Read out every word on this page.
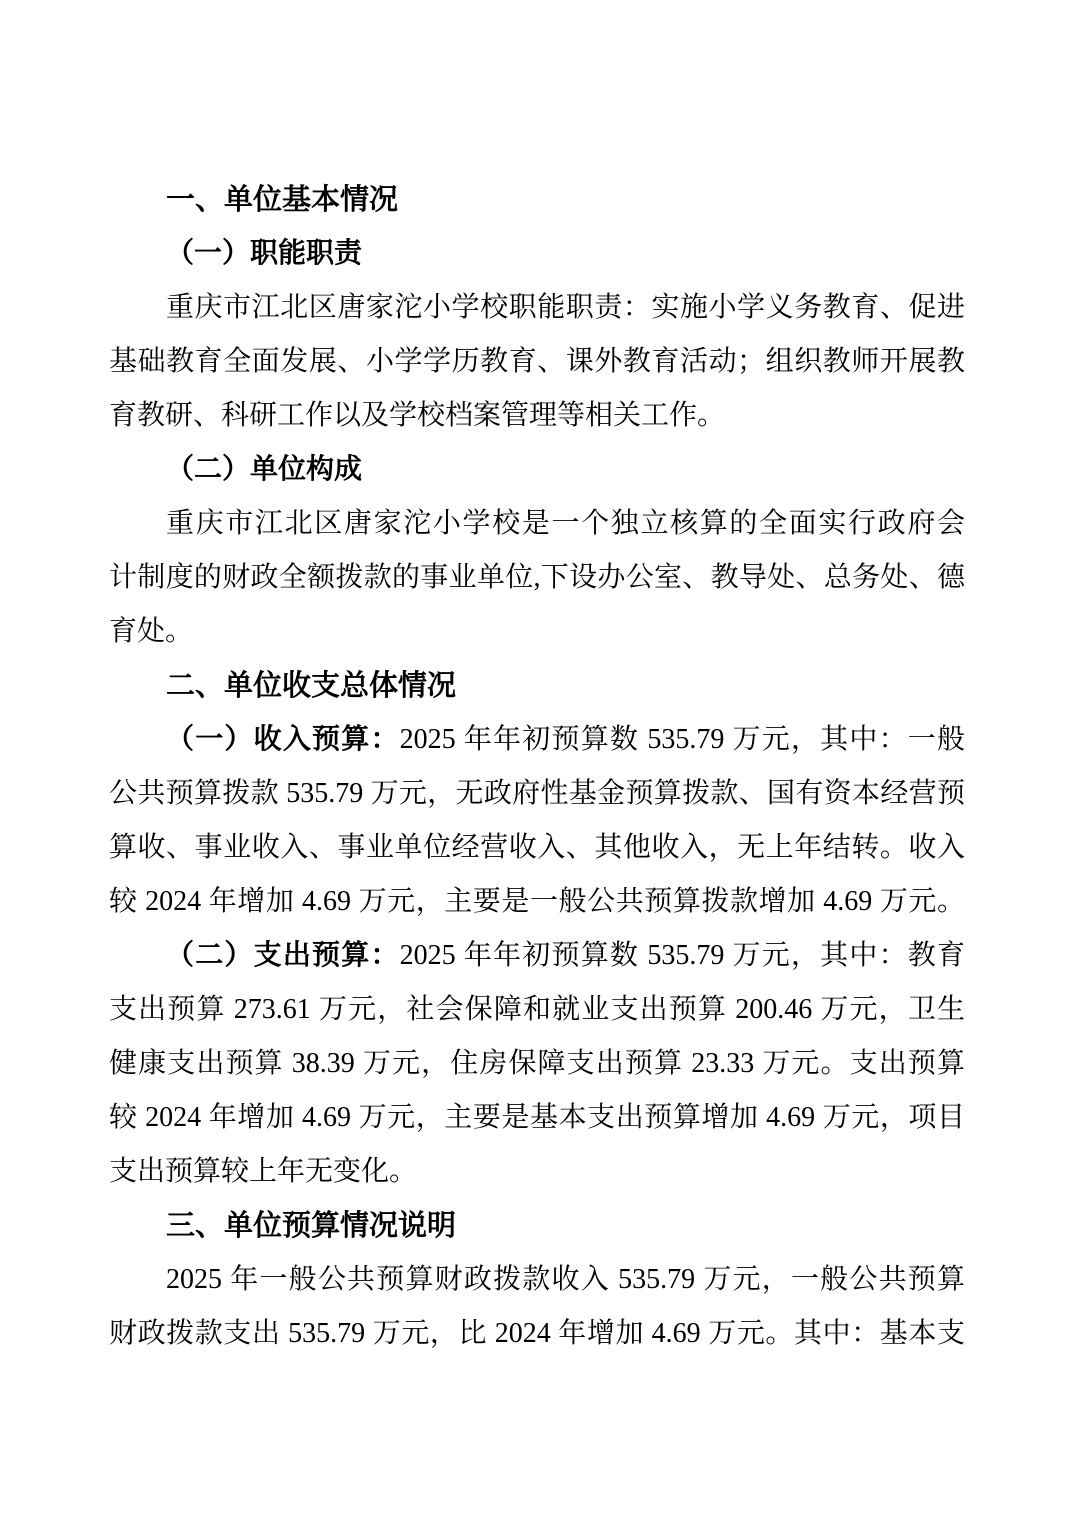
一、单位基本情况
（一）职能职责
重庆市江北区唐家沱小学校职能职责：实施小学义务教育、促进
基础教育全面发展、小学学历教育、课外教育活动；组织教师开展教
育教研、科研工作以及学校档案管理等相关工作。
（二）单位构成
重庆市江北区唐家沱小学校是一个独立核算的全面实行政府会
计制度的财政全额拨款的事业单位,下设办公室、教导处、总务处、德
育处。
二、单位收支总体情况
（一）收入预算：2025 年年初预算数 535.79 万元，其中：一般
公共预算拨款 535.79 万元，无政府性基金预算拨款、国有资本经营预
算收、事业收入、事业单位经营收入、其他收入，无上年结转。收入
较 2024 年增加 4.69 万元，主要是一般公共预算拨款增加 4.69 万元。
（二）支出预算：2025 年年初预算数 535.79 万元，其中：教育
支出预算 273.61 万元，社会保障和就业支出预算 200.46 万元，卫生
健康支出预算 38.39 万元，住房保障支出预算 23.33 万元。支出预算
较 2024 年增加 4.69 万元，主要是基本支出预算增加 4.69 万元，项目
支出预算较上年无变化。
三、单位预算情况说明
2025 年一般公共预算财政拨款收入 535.79 万元，一般公共预算
财政拨款支出 535.79 万元，比 2024 年增加 4.69 万元。其中：基本支
